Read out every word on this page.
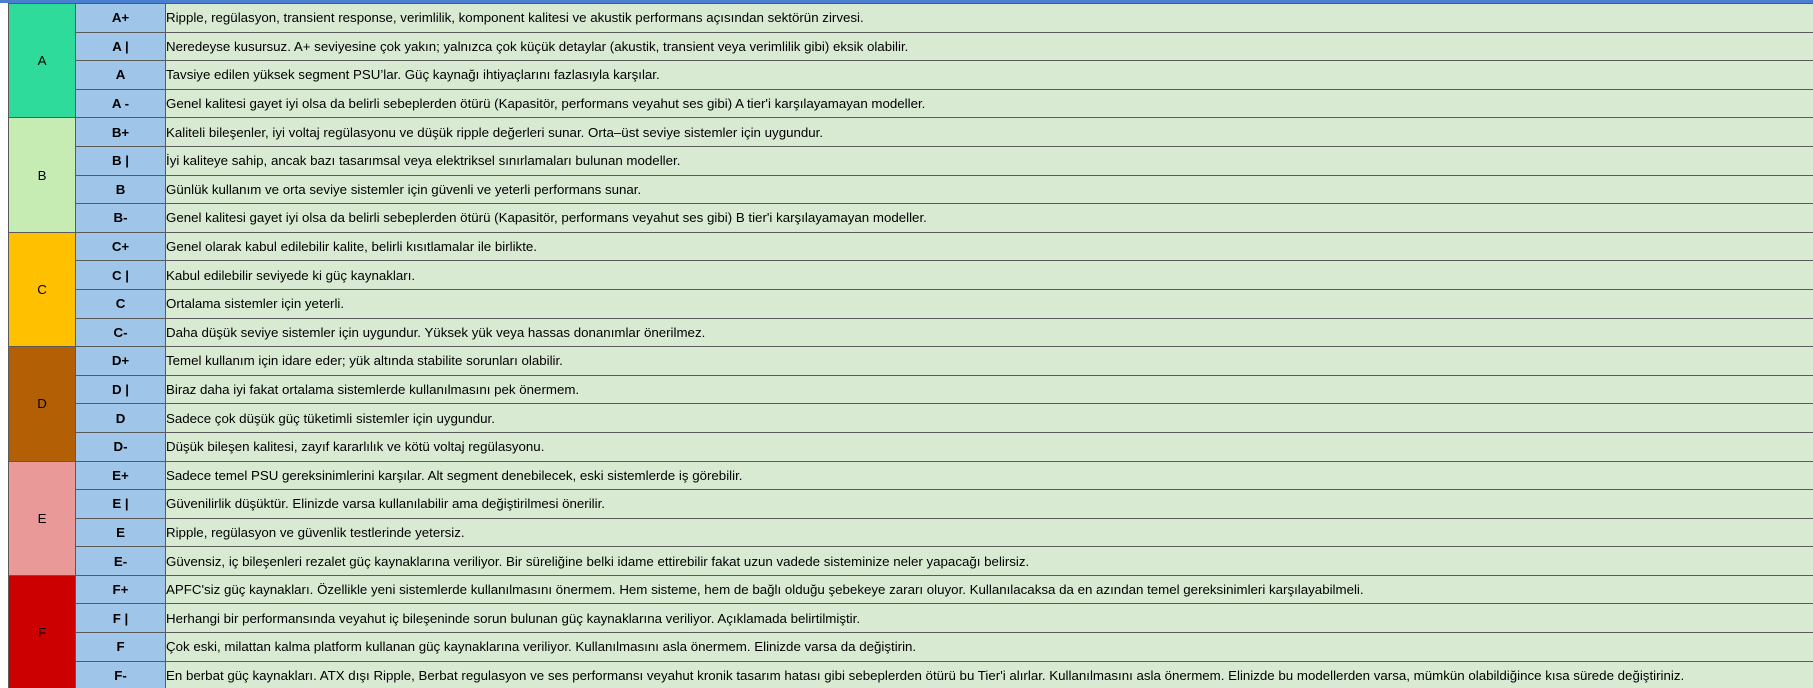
A	A+	Ripple, regülasyon, transient response, verimlilik, komponent kalitesi ve akustik performans açısından sektörün zirvesi.
	A |	Neredeyse kusursuz. A+ seviyesine çok yakın; yalnızca çok küçük detaylar (akustik, transient veya verimlilik gibi) eksik olabilir.
	A	Tavsiye edilen yüksek segment PSU’lar. Güç kaynağı ihtiyaçlarını fazlasıyla karşılar.
	A -	Genel kalitesi gayet iyi olsa da belirli sebeplerden ötürü (Kapasitör, performans veyahut ses gibi) A tier'i karşılayamayan modeller.
B	B+	Kaliteli bileşenler, iyi voltaj regülasyonu ve düşük ripple değerleri sunar. Orta–üst seviye sistemler için uygundur.
	B |	İyi kaliteye sahip, ancak bazı tasarımsal veya elektriksel sınırlamaları bulunan modeller.
	B	Günlük kullanım ve orta seviye sistemler için güvenli ve yeterli performans sunar.
	B-	Genel kalitesi gayet iyi olsa da belirli sebeplerden ötürü (Kapasitör, performans veyahut ses gibi) B tier'i karşılayamayan modeller.
C	C+	Genel olarak kabul edilebilir kalite, belirli kısıtlamalar ile birlikte.
	C |	Kabul edilebilir seviyede ki güç kaynakları.
	C	Ortalama sistemler için yeterli.
	C-	Daha düşük seviye sistemler için uygundur. Yüksek yük veya hassas donanımlar önerilmez.
D	D+	Temel kullanım için idare eder; yük altında stabilite sorunları olabilir.
	D |	Biraz daha iyi fakat ortalama sistemlerde kullanılmasını pek önermem.
	D	Sadece çok düşük güç tüketimli sistemler için uygundur.
	D-	Düşük bileşen kalitesi, zayıf kararlılık ve kötü voltaj regülasyonu.
E	E+	Sadece temel PSU gereksinimlerini karşılar. Alt segment denebilecek, eski sistemlerde iş görebilir.
	E |	Güvenilirlik düşüktür. Elinizde varsa kullanılabilir ama değiştirilmesi önerilir.
	E	Ripple, regülasyon ve güvenlik testlerinde yetersiz.
	E-	Güvensiz, iç bileşenleri rezalet güç kaynaklarına veriliyor. Bir süreliğine belki idame ettirebilir fakat uzun vadede sisteminize neler yapacağı belirsiz.
F	F+	APFC'siz güç kaynakları. Özellikle yeni sistemlerde kullanılmasını önermem. Hem sisteme, hem de bağlı olduğu şebekeye zararı oluyor. Kullanılacaksa da en azından temel gereksinimleri karşılayabilmeli.
	F |	Herhangi bir performansında veyahut iç bileşeninde sorun bulunan güç kaynaklarına veriliyor. Açıklamada belirtilmiştir.
	F	Çok eski, milattan kalma platform kullanan güç kaynaklarına veriliyor. Kullanılmasını asla önermem. Elinizde varsa da değiştirin.
	F-	En berbat güç kaynakları. ATX dışı Ripple, Berbat regulasyon ve ses performansı veyahut kronik tasarım hatası gibi sebeplerden ötürü bu Tier'i alırlar. Kullanılmasını asla önermem. Elinizde bu modellerden varsa, mümkün olabildiğince kısa sürede değiştiriniz.
